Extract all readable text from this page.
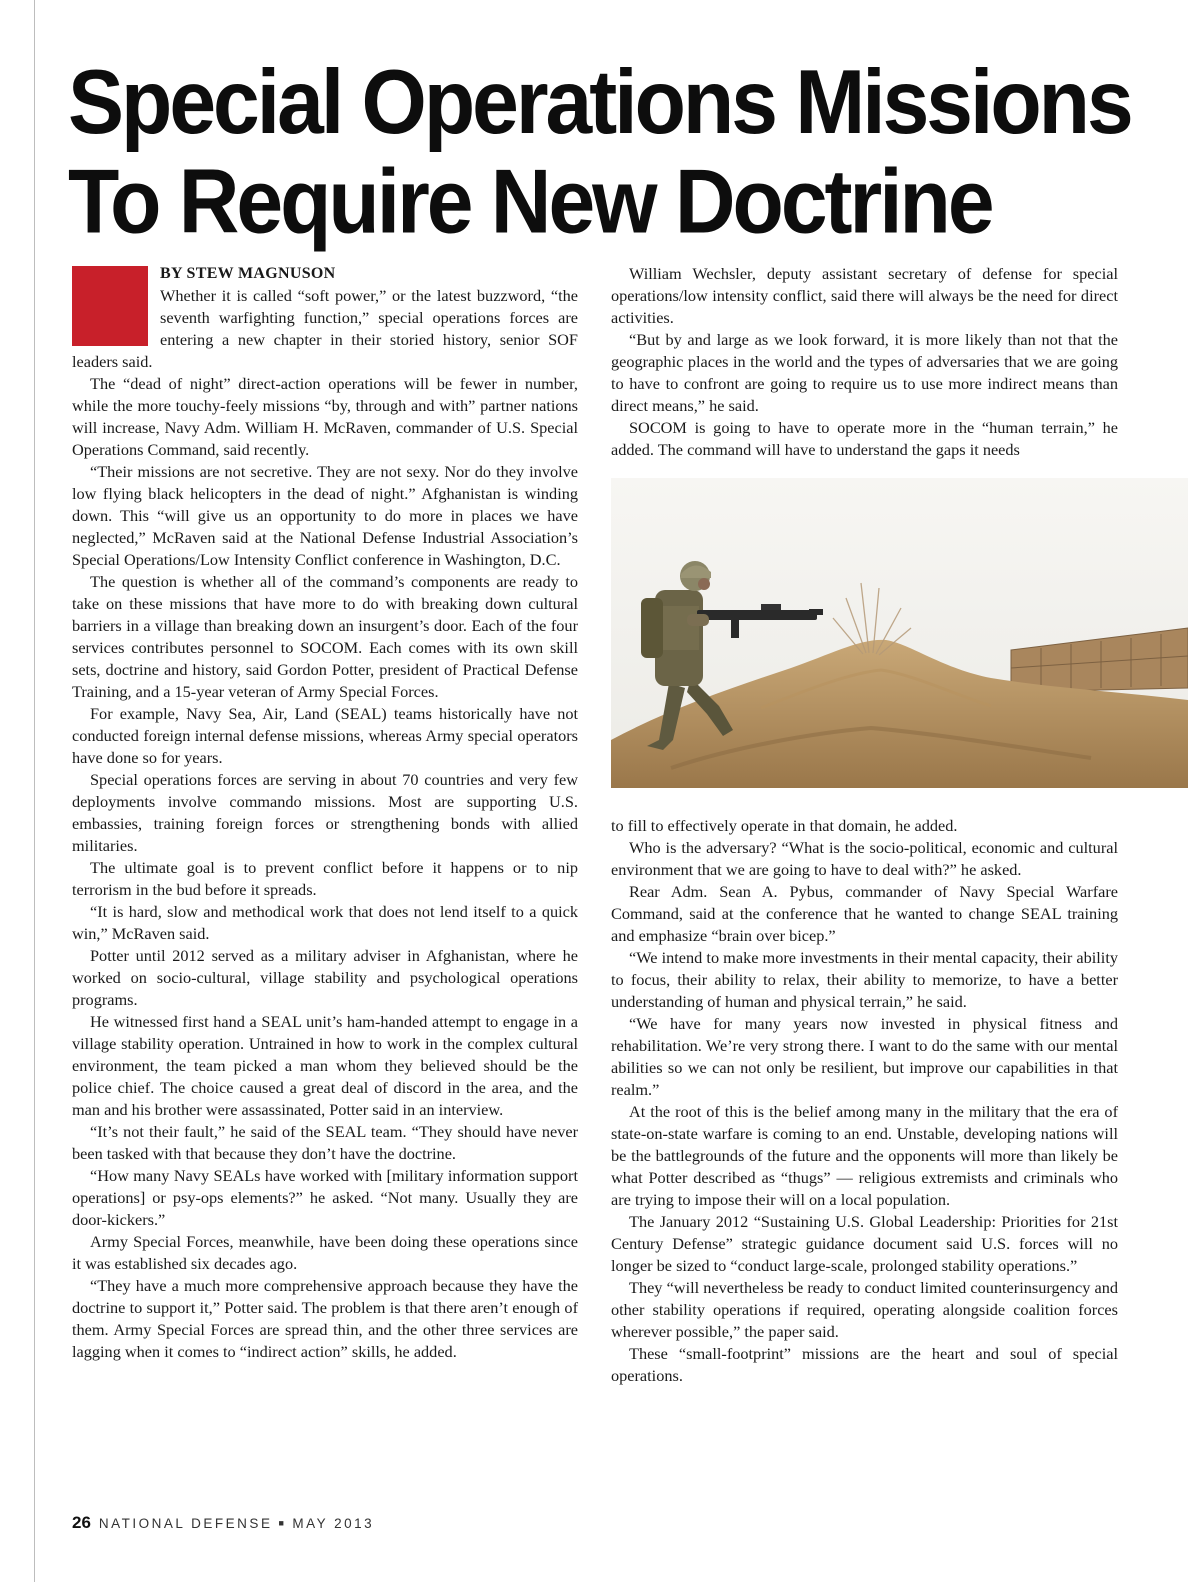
Special Operations Missions
To Require New Doctrine
BY STEW MAGNUSON

Whether it is called “soft power,” or the latest buzzword, “the seventh warfighting function,” special operations forces are entering a new chapter in their storied history, senior SOF leaders said.

The “dead of night” direct-action operations will be fewer in number, while the more touchy-feely missions “by, through and with” partner nations will increase, Navy Adm. William H. McRaven, commander of U.S. Special Operations Command, said recently.

“Their missions are not secretive. They are not sexy. Nor do they involve low flying black helicopters in the dead of night.” Afghanistan is winding down. This “will give us an opportunity to do more in places we have neglected,” McRaven said at the National Defense Industrial Association’s Special Operations/Low Intensity Conflict conference in Washington, D.C.

The question is whether all of the command’s components are ready to take on these missions that have more to do with breaking down cultural barriers in a village than breaking down an insurgent’s door. Each of the four services contributes personnel to SOCOM. Each comes with its own skill sets, doctrine and history, said Gordon Potter, president of Practical Defense Training, and a 15-year veteran of Army Special Forces.

For example, Navy Sea, Air, Land (SEAL) teams historically have not conducted foreign internal defense missions, whereas Army special operators have done so for years.

Special operations forces are serving in about 70 countries and very few deployments involve commando missions. Most are supporting U.S. embassies, training foreign forces or strengthening bonds with allied militaries.

The ultimate goal is to prevent conflict before it happens or to nip terrorism in the bud before it spreads.

“It is hard, slow and methodical work that does not lend itself to a quick win,” McRaven said.

Potter until 2012 served as a military adviser in Afghanistan, where he worked on socio-cultural, village stability and psychological operations programs.

He witnessed first hand a SEAL unit’s ham-handed attempt to engage in a village stability operation. Untrained in how to work in the complex cultural environment, the team picked a man whom they believed should be the police chief. The choice caused a great deal of discord in the area, and the man and his brother were assassinated, Potter said in an interview.

“It’s not their fault,” he said of the SEAL team. “They should have never been tasked with that because they don’t have the doctrine.

“How many Navy SEALs have worked with [military information support operations] or psy-ops elements?” he asked. “Not many. Usually they are door-kickers.”

Army Special Forces, meanwhile, have been doing these operations since it was established six decades ago.

“They have a much more comprehensive approach because they have the doctrine to support it,” Potter said. The problem is that there aren’t enough of them. Army Special Forces are spread thin, and the other three services are lagging when it comes to “indirect action” skills, he added.

William Wechsler, deputy assistant secretary of defense for special operations/low intensity conflict, said there will always be the need for direct activities.

“But by and large as we look forward, it is more likely than not that the geographic places in the world and the types of adversaries that we are going to have to confront are going to require us to use more indirect means than direct means,” he said.

SOCOM is going to have to operate more in the “human terrain,” he added. The command will have to understand the gaps it needs

to fill to effectively operate in that domain, he added.

Who is the adversary? “What is the socio-political, economic and cultural environment that we are going to have to deal with?” he asked.

Rear Adm. Sean A. Pybus, commander of Navy Special Warfare Command, said at the conference that he wanted to change SEAL training and emphasize “brain over bicep.”

“We intend to make more investments in their mental capacity, their ability to focus, their ability to relax, their ability to memorize, to have a better understanding of human and physical terrain,” he said.

“We have for many years now invested in physical fitness and rehabilitation. We’re very strong there. I want to do the same with our mental abilities so we can not only be resilient, but improve our capabilities in that realm.”

At the root of this is the belief among many in the military that the era of state-on-state warfare is coming to an end. Unstable, developing nations will be the battlegrounds of the future and the opponents will more than likely be what Potter described as “thugs” — religious extremists and criminals who are trying to impose their will on a local population.

The January 2012 “Sustaining U.S. Global Leadership: Priorities for 21st Century Defense” strategic guidance document said U.S. forces will no longer be sized to “conduct large-scale, prolonged stability operations.”

They “will nevertheless be ready to conduct limited counterinsurgency and other stability operations if required, operating alongside coalition forces wherever possible,” the paper said.

These “small-footprint” missions are the heart and soul of special operations.

26 NATIONAL DEFENSE ■ MAY 2013
